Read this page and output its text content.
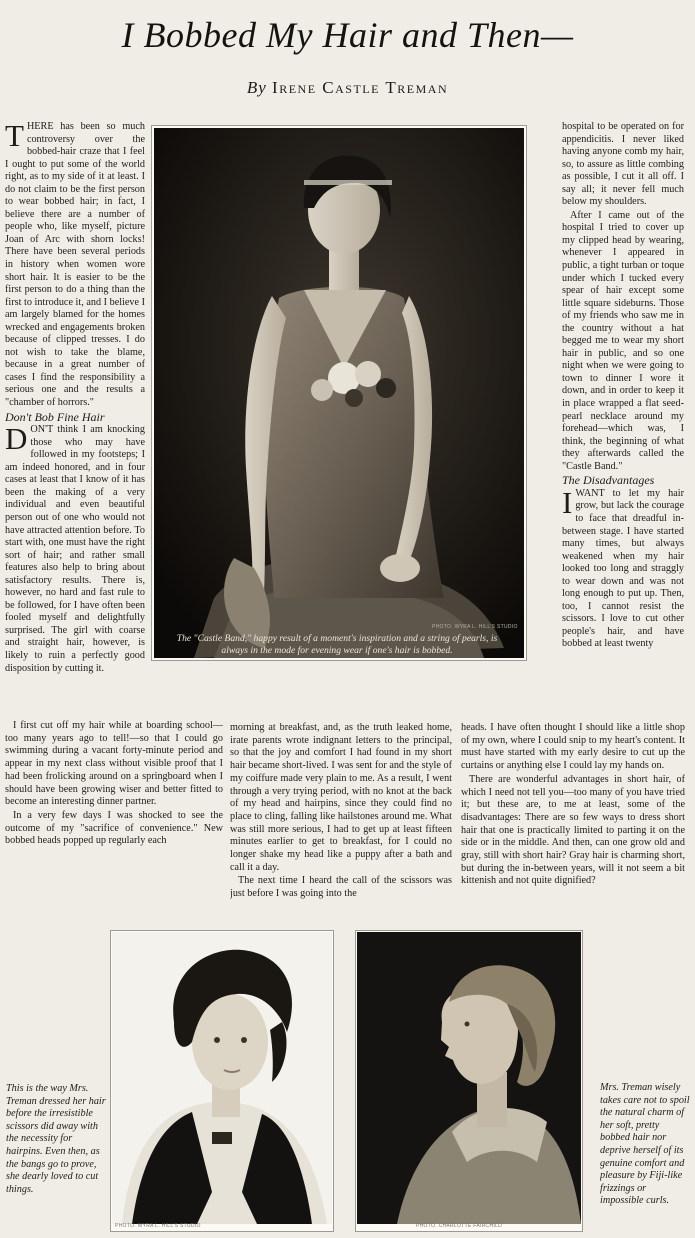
I Bobbed My Hair and Then—
By Irene Castle Treman

THERE has been so much controversy over the bobbed-hair craze that I feel I ought to put some of the world right, as to my side of it at least. I do not claim to be the first person to wear bobbed hair; in fact, I believe there are a number of people who, like myself, picture Joan of Arc with shorn locks! There have been several periods in history when women wore short hair. It is easier to be the first person to do a thing than the first to introduce it, and I believe I am largely blamed for the homes wrecked and engagements broken because of clipped tresses. I do not wish to take the blame, because in a great number of cases I find the responsibility a serious one and the results a "chamber of horrors."

Don't Bob Fine Hair

DON'T think I am knocking those who may have followed in my footsteps; I am indeed honored, and in four cases at least that I know of it has been the making of a very individual and even beautiful person out of one who would not have attracted attention before. To start with, one must have the right sort of hair; and rather small features also help to bring about satisfactory results. There is, however, no hard and fast rule to be followed, for I have often been fooled myself and delightfully surprised. The girl with coarse and straight hair, however, is likely to ruin a perfectly good disposition by cutting it.

The "Castle Band," happy result of a moment's inspiration and a string of pearls, is always in the mode for evening wear if one's hair is bobbed.
PHOTO. WYRA L. HILL'S STUDIO

hospital to be operated on for appendicitis. I never liked having anyone comb my hair, so, to assure as little combing as possible, I cut it all off. I say all; it never fell much below my shoulders.

After I came out of the hospital I tried to cover up my clipped head by wearing, whenever I appeared in public, a tight turban or toque under which I tucked every spear of hair except some little square sideburns. Those of my friends who saw me in the country without a hat begged me to wear my short hair in public, and so one night when we were going to town to dinner I wore it down, and in order to keep it in place wrapped a flat seed-pearl necklace around my forehead—which was, I think, the beginning of what they afterwards called the "Castle Band."

The Disadvantages

IWANT to let my hair grow, but lack the courage to face that dreadful in-between stage. I have started many times, but always weakened when my hair looked too long and straggly to wear down and was not long enough to put up. Then, too, I cannot resist the scissors. I love to cut other people's hair, and have bobbed at least twenty

I first cut off my hair while at boarding school—too many years ago to tell!—so that I could go swimming during a vacant forty-minute period and appear in my next class without visible proof that I had been frolicking around on a springboard when I should have been growing wiser and better fitted to become an interesting dinner partner.

In a very few days I was shocked to see the outcome of my "sacrifice of convenience." New bobbed heads popped up regularly each

morning at breakfast, and, as the truth leaked home, irate parents wrote indignant letters to the principal, so that the joy and comfort I had found in my short hair became short-lived. I was sent for and the style of my coiffure made very plain to me. As a result, I went through a very trying period, with no knot at the back of my head and hairpins, since they could find no place to cling, falling like hailstones around me. What was still more serious, I had to get up at least fifteen minutes earlier to get to breakfast, for I could no longer shake my head like a puppy after a bath and call it a day.

The next time I heard the call of the scissors was just before I was going into the

heads. I have often thought I should like a little shop of my own, where I could snip to my heart's content. It must have started with my early desire to cut up the curtains or anything else I could lay my hands on.

There are wonderful advantages in short hair, of which I need not tell you—too many of you have tried it; but these are, to me at least, some of the disadvantages: There are so few ways to dress short hair that one is practically limited to parting it on the side or in the middle. And then, can one grow old and gray, still with short hair? Gray hair is charming short, but during the in-between years, will it not seem a bit kittenish and not quite dignified?

This is the way Mrs. Treman dressed her hair before the irresistible scissors did away with the necessity for hairpins. Even then, as the bangs go to prove, she dearly loved to cut things.
PHOTO. WYRA L. HILL'S STUDIO	PHOTO. CHARLOTTE FAIRCHILD
Mrs. Treman wisely takes care not to spoil the natural charm of her soft, pretty bobbed hair nor deprive herself of its genuine comfort and pleasure by Fiji-like frizzings or impossible curls.
